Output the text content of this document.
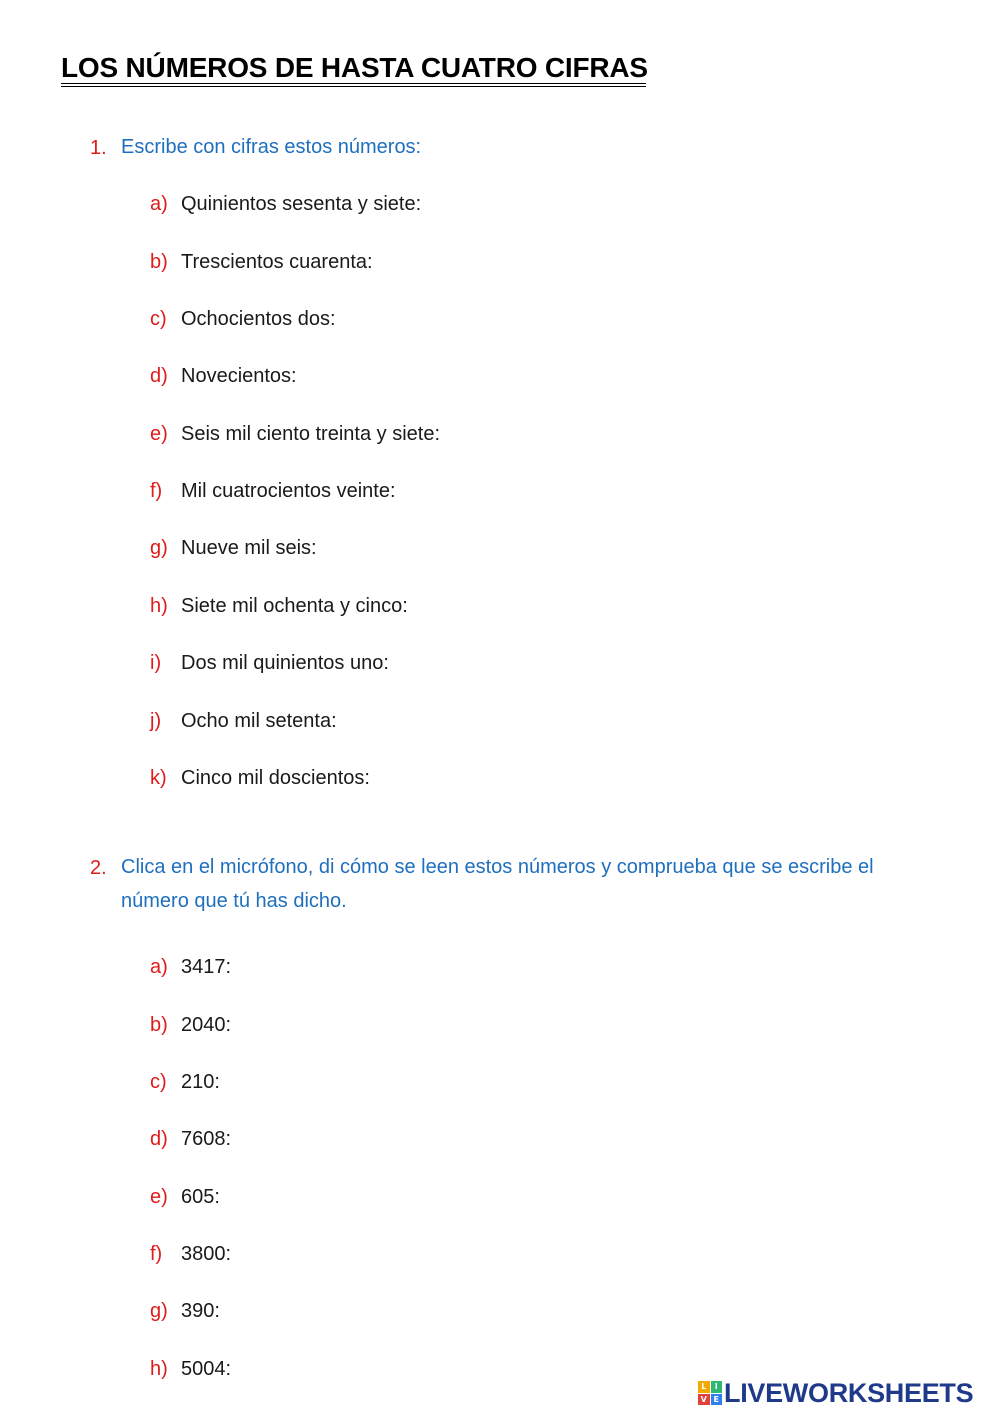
LOS NÚMEROS DE HASTA CUATRO CIFRAS
1. Escribe con cifras estos números:
a) Quinientos sesenta y siete:
b) Trescientos cuarenta:
c) Ochocientos dos:
d) Novecientos:
e) Seis mil ciento treinta y siete:
f) Mil cuatrocientos veinte:
g) Nueve mil seis:
h) Siete mil ochenta y cinco:
i) Dos mil quinientos uno:
j) Ocho mil setenta:
k) Cinco mil doscientos:
2. Clica en el micrófono, di cómo se leen estos números y comprueba que se escribe el número que tú has dicho.
a) 3417:
b) 2040:
c) 210:
d) 7608:
e) 605:
f) 3800:
g) 390:
h) 5004:
L	I
V E LIVEWORKSHEETS
